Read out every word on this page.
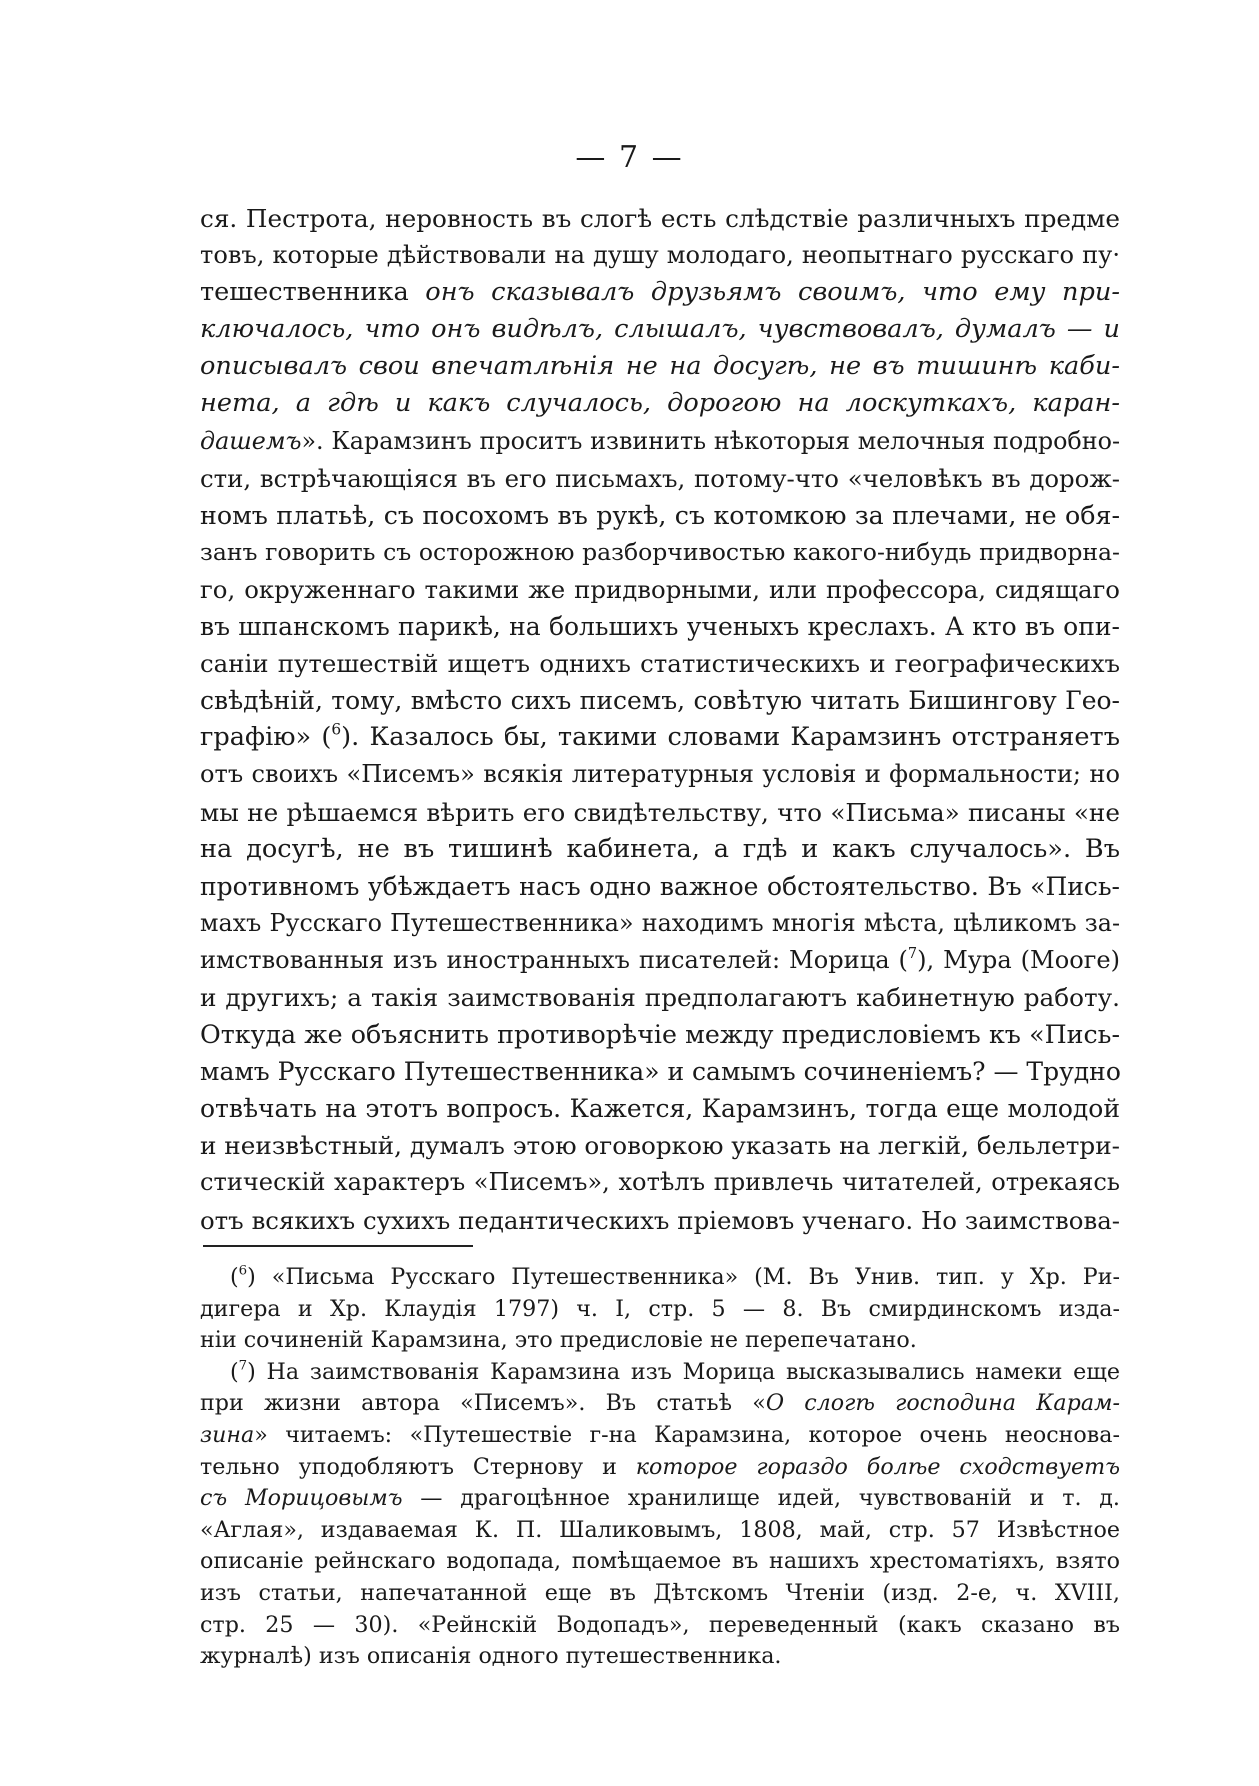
— 7 —
ся. Пестрота, неровность въ слогѣ есть слѣдствіе различныхъ предме
товъ, которые дѣйствовали на душу молодаго, неопытнаго русскаго пу·
тешественника онъ сказывалъ друзьямъ своимъ, что ему при-
ключалось, что онъ видѣлъ, слышалъ, чувствовалъ, думалъ — и
описывалъ свои впечатлѣнія не на досугѣ, не въ тишинѣ каби-
нета, а гдѣ и какъ случалось, дорогою на лоскуткахъ, каран-
дашемъ». Карамзинъ проситъ извинить нѣкоторыя мелочныя подробно-
сти, встрѣчающіяся въ его письмахъ, потому-что «человѣкъ въ дорож-
номъ платьѣ, съ посохомъ въ рукѣ, съ котомкою за плечами, не обя-
занъ говорить съ осторожною разборчивостью какого-нибудь придворна-
го, окруженнаго такими же придворными, или профессора, сидящаго
въ шпанскомъ парикѣ, на большихъ ученыхъ креслахъ. А кто въ опи-
саніи путешествій ищетъ однихъ статистическихъ и географическихъ
свѣдѣній, тому, вмѣсто сихъ писемъ, совѣтую читать Бишингову Гео-
графію» ($^6$). Казалось бы, такими словами Карамзинъ отстраняетъ
отъ своихъ «Писемъ» всякія литературныя условія и формальности; но
мы не рѣшаемся вѣрить его свидѣтельству, что «Письма» писаны «не
на досугѣ, не въ тишинѣ кабинета, а гдѣ и какъ случалось». Въ
противномъ убѣждаетъ насъ одно важное обстоятельство. Въ «Пись-
махъ Русскаго Путешественника» находимъ многія мѣста, цѣликомъ за-
имствованныя изъ иностранныхъ писателей: Морица ($^7$), Мура (Мооге)
и другихъ; а такія заимствованія предполагаютъ кабинетную работу.
Откуда же объяснить противорѣчіе между предисловіемъ къ «Пись-
мамъ Русскаго Путешественника» и самымъ сочиненіемъ? — Трудно
отвѣчать на этотъ вопросъ. Кажется, Карамзинъ, тогда еще молодой
и неизвѣстный, думалъ этою оговоркою указать на легкій, бельлетри-
стическій характеръ «Писемъ», хотѣлъ привлечь читателей, отрекаясь
отъ всякихъ сухихъ педантическихъ пріемовъ ученаго. Но заимствова-
($^6$) «Письма Русскаго Путешественника» (М. Въ Унив. тип. у Хр. Ри-
дигера и Хр. Клаудія 1797) ч. I, стр. 5 — 8. Въ смирдинскомъ изда-
ніи сочиненій Карамзина, это предисловіе не перепечатано.
($^7$) На заимствованія Карамзина изъ Морица высказывались намеки еще
при жизни автора «Писемъ». Въ статьѣ «О слогѣ господина Карам-
зина» читаемъ: «Путешествіе г-на Карамзина, которое очень неоснова-
тельно уподобляютъ Стернову и которое гораздо болѣе сходствуетъ
съ Морицовымъ — драгоцѣнное хранилище идей, чувствованій и т. д.
«Аглая», издаваемая К. П. Шаликовымъ, 1808, май, стр. 57 Извѣстное
описаніе рейнскаго водопада, помѣщаемое въ нашихъ хрестоматіяхъ, взято
изъ статьи, напечатанной еще въ Дѣтскомъ Чтеніи (изд. 2-е, ч. XVIII,
стр. 25 — 30). «Рейнскій Водопадъ», переведенный (какъ сказано въ
журналѣ) изъ описанія одного путешественника.
